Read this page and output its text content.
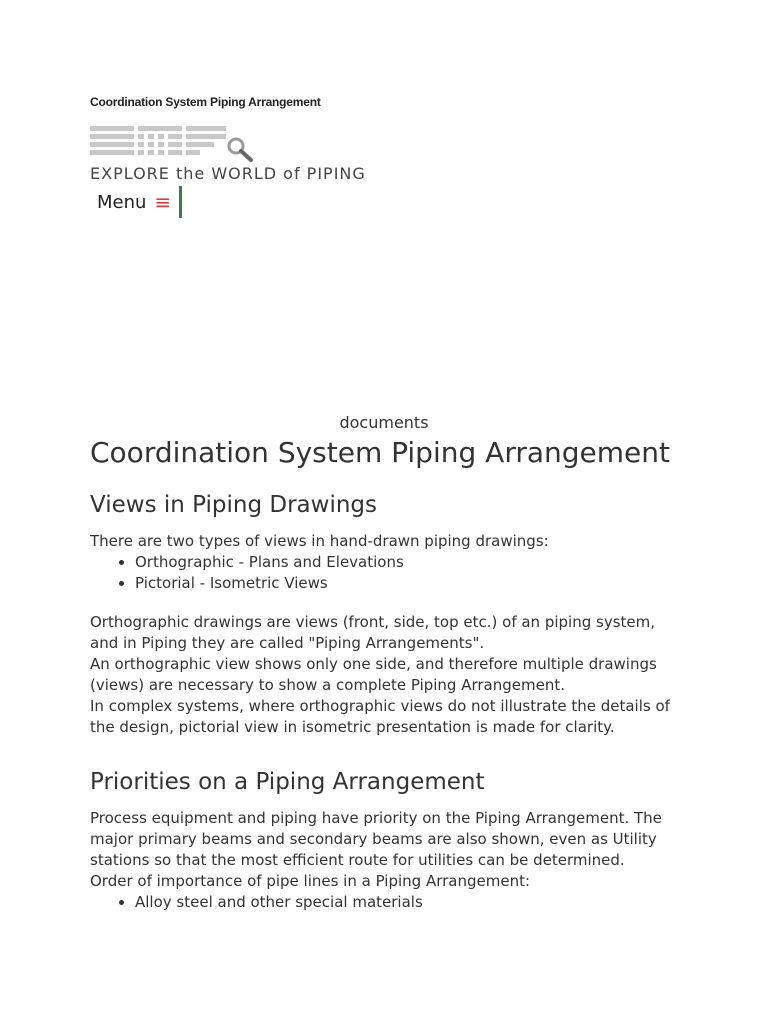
Coordination System Piping Arrangement
EXPLORE the WORLD of PIPING
Menu ≡
documents
Coordination System Piping Arrangement
Views in Piping Drawings

There are two types of views in hand-drawn piping drawings:

• Orthographic - Plans and Elevations
• Pictorial - Isometric Views

Orthographic drawings are views (front, side, top etc.) of an piping system, and in Piping they are called "Piping Arrangements".

An orthographic view shows only one side, and therefore multiple drawings (views) are necessary to show a complete Piping Arrangement.

In complex systems, where orthographic views do not illustrate the details of the design, pictorial view in isometric presentation is made for clarity.

Priorities on a Piping Arrangement

Process equipment and piping have priority on the Piping Arrangement. The major primary beams and secondary beams are also shown, even as Utility stations so that the most efficient route for utilities can be determined.

Order of importance of pipe lines in a Piping Arrangement:

• Alloy steel and other special materials
